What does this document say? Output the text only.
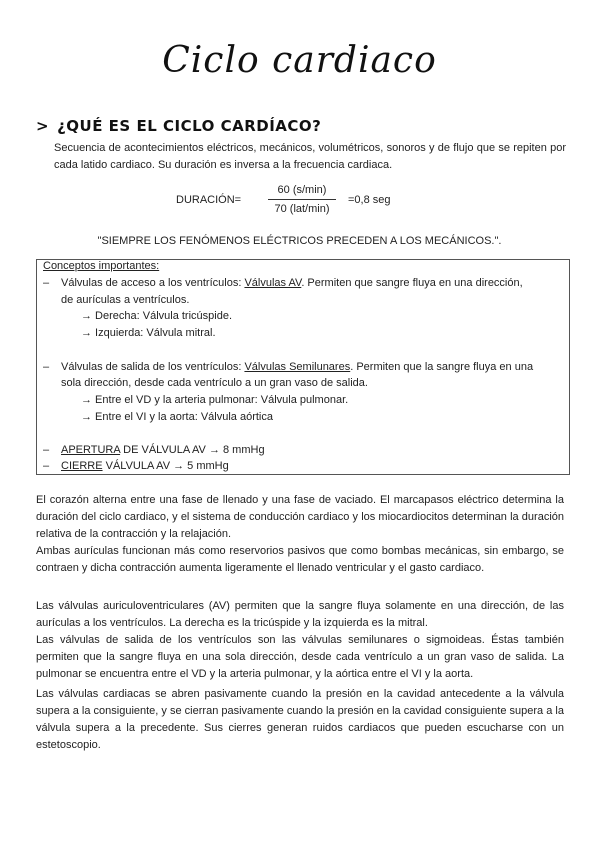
Ciclo cardiaco
> ¿QUÉ ES EL CICLO CARDÍACO?
Secuencia de acontecimientos eléctricos, mecánicos, volumétricos, sonoros y de flujo que se repiten por cada latido cardiaco. Su duración es inversa a la frecuencia cardiaca.
DURACIÓN=
60 (s/min)
70 (lat/min)
=0,8 seg
"SIEMPRE LOS FENÓMENOS ELÉCTRICOS PRECEDEN A LOS MECÁNICOS.".
Conceptos importantes:
– Válvulas de acceso a los ventrículos: Válvulas AV. Permiten que sangre fluya en una dirección,
de aurículas a ventrículos.
→ Derecha: Válvula tricúspide.
→ Izquierda: Válvula mitral.
– Válvulas de salida de los ventrículos: Válvulas Semilunares. Permiten que la sangre fluya en una
sola dirección, desde cada ventrículo a un gran vaso de salida.
→ Entre el VD y la arteria pulmonar: Válvula pulmonar.
→ Entre el VI y la aorta: Válvula aórtica
– APERTURA DE VÁLVULA AV → 8 mmHg
– CIERRE VÁLVULA AV → 5 mmHg
El corazón alterna entre una fase de llenado y una fase de vaciado. El marcapasos eléctrico determina la duración del ciclo cardiaco, y el sistema de conducción cardiaco y los miocardiocitos determinan la duración relativa de la contracción y la relajación.
Ambas aurículas funcionan más como reservorios pasivos que como bombas mecánicas, sin embargo, se contraen y dicha contracción aumenta ligeramente el llenado ventricular y el gasto cardiaco.
Las válvulas auriculoventriculares (AV) permiten que la sangre fluya solamente en una dirección, de las aurículas a los ventrículos. La derecha es la tricúspide y la izquierda es la mitral.
Las válvulas de salida de los ventrículos son las válvulas semilunares o sigmoideas. Éstas también permiten que la sangre fluya en una sola dirección, desde cada ventrículo a un gran vaso de salida. La pulmonar se encuentra entre el VD y la arteria pulmonar, y la aórtica entre el VI y la aorta.
Las válvulas cardiacas se abren pasivamente cuando la presión en la cavidad antecedente a la válvula supera a la consiguiente, y se cierran pasivamente cuando la presión en la cavidad consiguiente supera a la válvula supera a la precedente. Sus cierres generan ruidos cardiacos que pueden escucharse con un estetoscopio.
